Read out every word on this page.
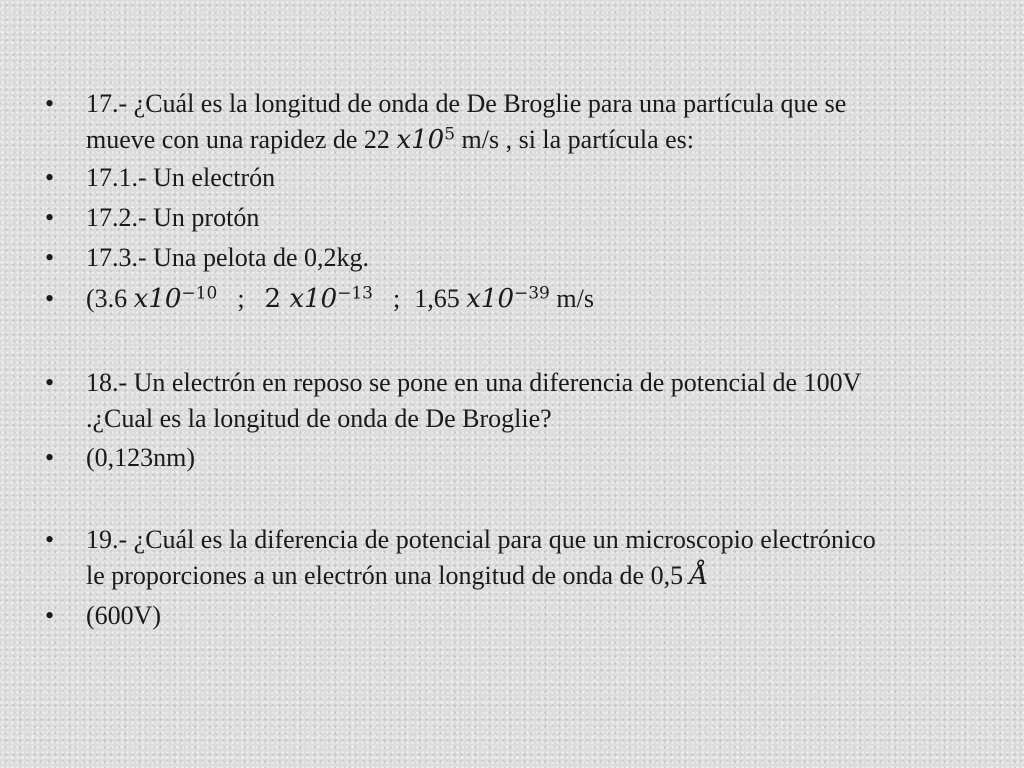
•	17.- ¿Cuál es la longitud de onda de De Broglie para una partícula que se
mueve con una rapidez de 22 $x10^5$ m/s , si la partícula es:
•	17.1.- Un electrón
•	17.2.- Un protón
•	17.3.- Una pelota de 0,2kg.
•	(3.6 $x10^{-10}$ ; 2 $x10^{-13}$ ; 1,65 $x10^{-39}$ m/s
•	18.- Un electrón en reposo se pone en una diferencia de potencial de 100V
.¿Cual es la longitud de onda de De Broglie?
•	(0,123nm)
•	19.- ¿Cuál es la diferencia de potencial para que un microscopio electrónico
le proporciones a un electrón una longitud de onda de 0,5 Å
•	(600V)
